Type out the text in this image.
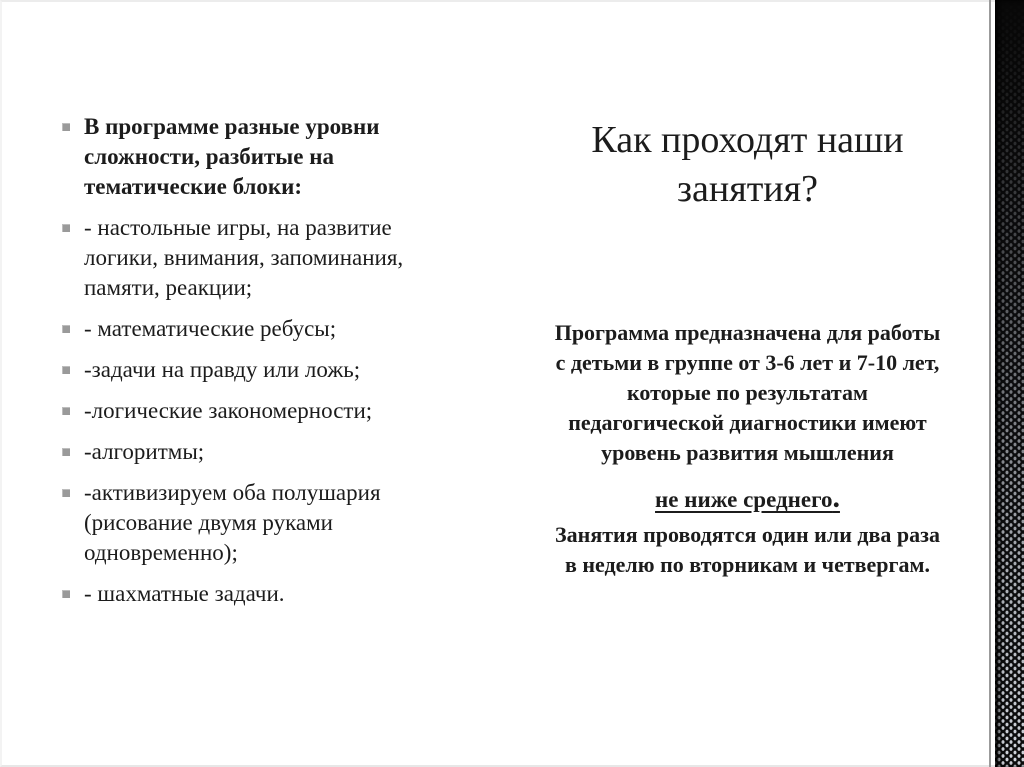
В программе разные уровни сложности, разбитые на тематические блоки:
- настольные игры, на развитие логики, внимания, запоминания, памяти, реакции;
- математические ребусы;
-задачи на правду или ложь;
-логические закономерности;
-алгоритмы;
-активизируем оба полушария (рисование двумя руками одновременно);
- шахматные задачи.
Как проходят наши
занятия?
Программа предназначена для работы
с детьми в группе от 3-6 лет и 7-10 лет,
которые по результатам
педагогической диагностики имеют
уровень развития мышления
не ниже среднего.
Занятия проводятся один или два раза
в неделю по вторникам и четвергам.
